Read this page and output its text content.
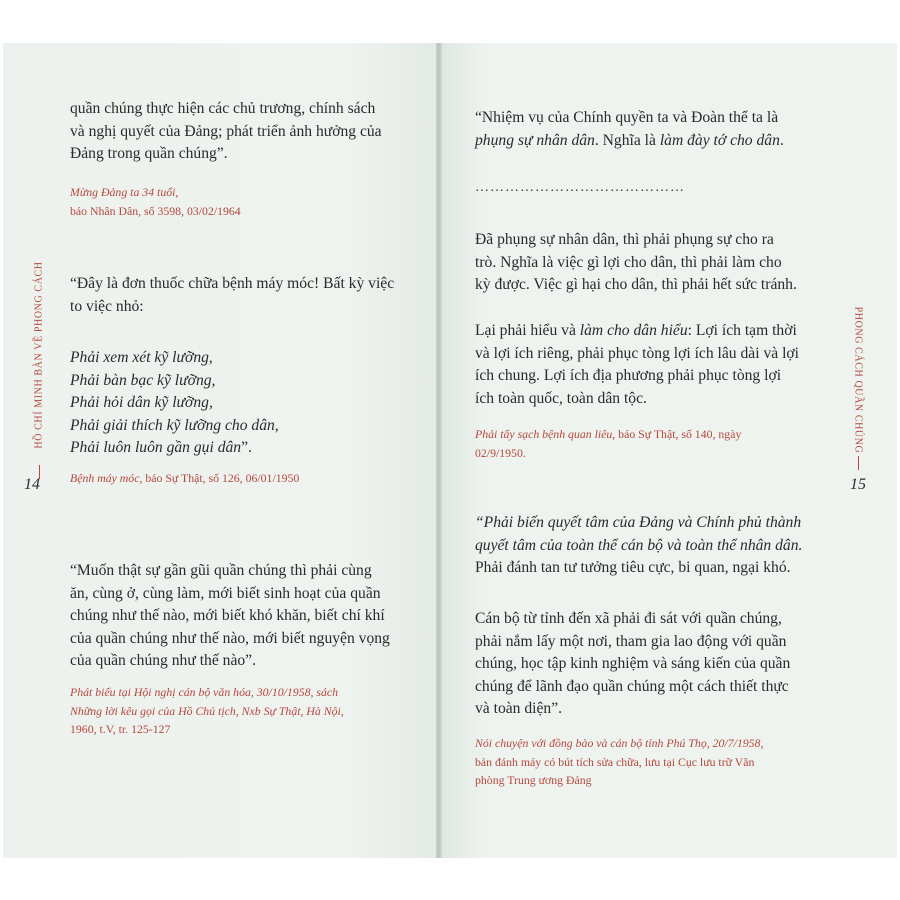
HỒ CHÍ MINH BÀN VỀ PHONG CÁCH
14
quần chúng thực hiện các chủ trương, chính sách
và nghị quyết của Đảng; phát triển ảnh hưởng của
Đảng trong quần chúng”.
Mừng Đảng ta 34 tuổi,
báo Nhân Dân, số 3598, 03/02/1964
“Đây là đơn thuốc chữa bệnh máy móc! Bất kỳ việc
to việc nhỏ:
Phải xem xét kỹ lưỡng,
Phải bàn bạc kỹ lưỡng,
Phải hỏi dân kỹ lưỡng,
Phải giải thích kỹ lưỡng cho dân,
Phải luôn luôn gần gụi dân”.
Bệnh máy móc, báo Sự Thật, số 126, 06/01/1950
“Muốn thật sự gần gũi quần chúng thì phải cùng
ăn, cùng ở, cùng làm, mới biết sinh hoạt của quần
chúng như thế nào, mới biết khó khăn, biết chí khí
của quần chúng như thế nào, mới biết nguyện vọng
của quần chúng như thế nào”.
Phát biểu tại Hội nghị cán bộ văn hóa, 30/10/1958, sách
Những lời kêu gọi của Hồ Chủ tịch, Nxb Sự Thật, Hà Nội,
1960, t.V, tr. 125-127
PHONG CÁCH QUẦN CHÚNG
15
“Nhiệm vụ của Chính quyền ta và Đoàn thể ta là
phụng sự nhân dân. Nghĩa là làm đày tớ cho dân.
……………………………………
Đã phụng sự nhân dân, thì phải phụng sự cho ra
trò. Nghĩa là việc gì lợi cho dân, thì phải làm cho
kỳ được. Việc gì hại cho dân, thì phải hết sức tránh.
Lại phải hiểu và làm cho dân hiểu: Lợi ích tạm thời
và lợi ích riêng, phải phục tòng lợi ích lâu dài và lợi
ích chung. Lợi ích địa phương phải phục tòng lợi
ích toàn quốc, toàn dân tộc.
Phải tẩy sạch bệnh quan liêu, báo Sự Thật, số 140, ngày
02/9/1950.
“Phải biến quyết tâm của Đảng và Chính phủ thành
quyết tâm của toàn thể cán bộ và toàn thể nhân dân.
Phải đánh tan tư tưởng tiêu cực, bi quan, ngại khó.
Cán bộ từ tỉnh đến xã phải đi sát với quần chúng,
phải nắm lấy một nơi, tham gia lao động với quần
chúng, học tập kinh nghiệm và sáng kiến của quần
chúng để lãnh đạo quần chúng một cách thiết thực
và toàn diện”.
Nói chuyện với đồng bào và cán bộ tỉnh Phú Thọ, 20/7/1958,
bản đánh máy có bút tích sửa chữa, lưu tại Cục lưu trữ Văn
phòng Trung ương Đảng
